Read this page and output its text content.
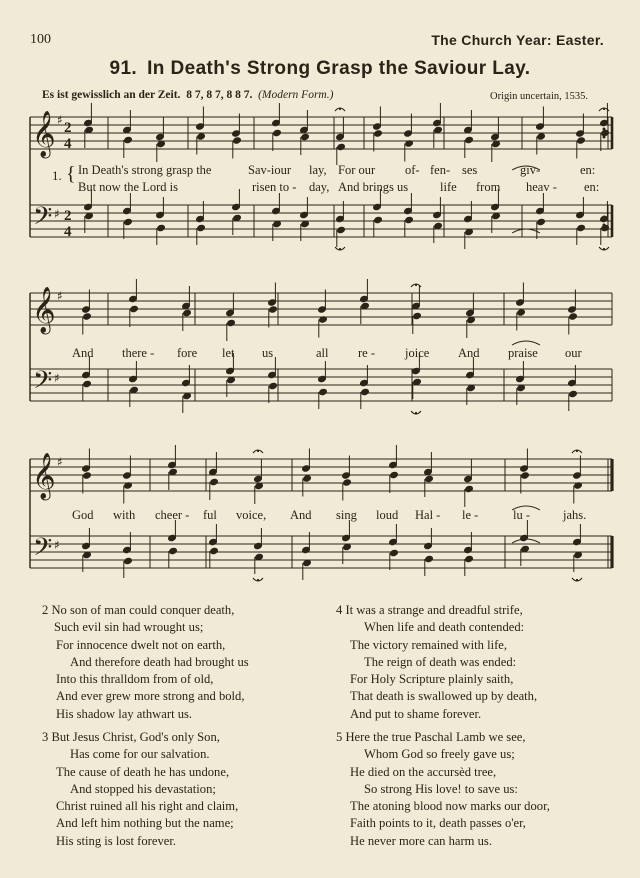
100	The Church Year: Easter.
91. In Death's Strong Grasp the Saviour Lay.
Es ist gewisslich an der Zeit. 8 7, 8 7, 8 8 7. (Modern Form.)	Origin uncertain, 1535.
𝄞
𝄢
♯
♯
2
4
2
4
𝄞
𝄢
♯
♯
𝄞
𝄢
♯
♯
1. { In Death's strong grasp the	Sav-iour lay, For our of- fen- ses	giv-	en:
But now the Lord is	risen to - day, And brings us	life from heav - en:
And there - fore let us	all re - joice And praise our
God with cheer - ful voice, And sing loud Hal - le -	lu -	jahs.
2 No son of man could conquer death,
Such evil sin had wrought us;
For innocence dwelt not on earth,
And therefore death had brought us
Into this thralldom from of old,
And ever grew more strong and bold,
His shadow lay athwart us.
3 But Jesus Christ, God's only Son,
Has come for our salvation.
The cause of death he has undone,
And stopped his devastation;
Christ ruined all his right and claim,
And left him nothing but the name;
His sting is lost forever.
4 It was a strange and dreadful strife,
When life and death contended:
The victory remained with life,
The reign of death was ended:
For Holy Scripture plainly saith,
That death is swallowed up by death,
And put to shame forever.
5 Here the true Paschal Lamb we see,
Whom God so freely gave us;
He died on the accursèd tree,
So strong His love! to save us:
The atoning blood now marks our door,
Faith points to it, death passes o'er,
He never more can harm us.
